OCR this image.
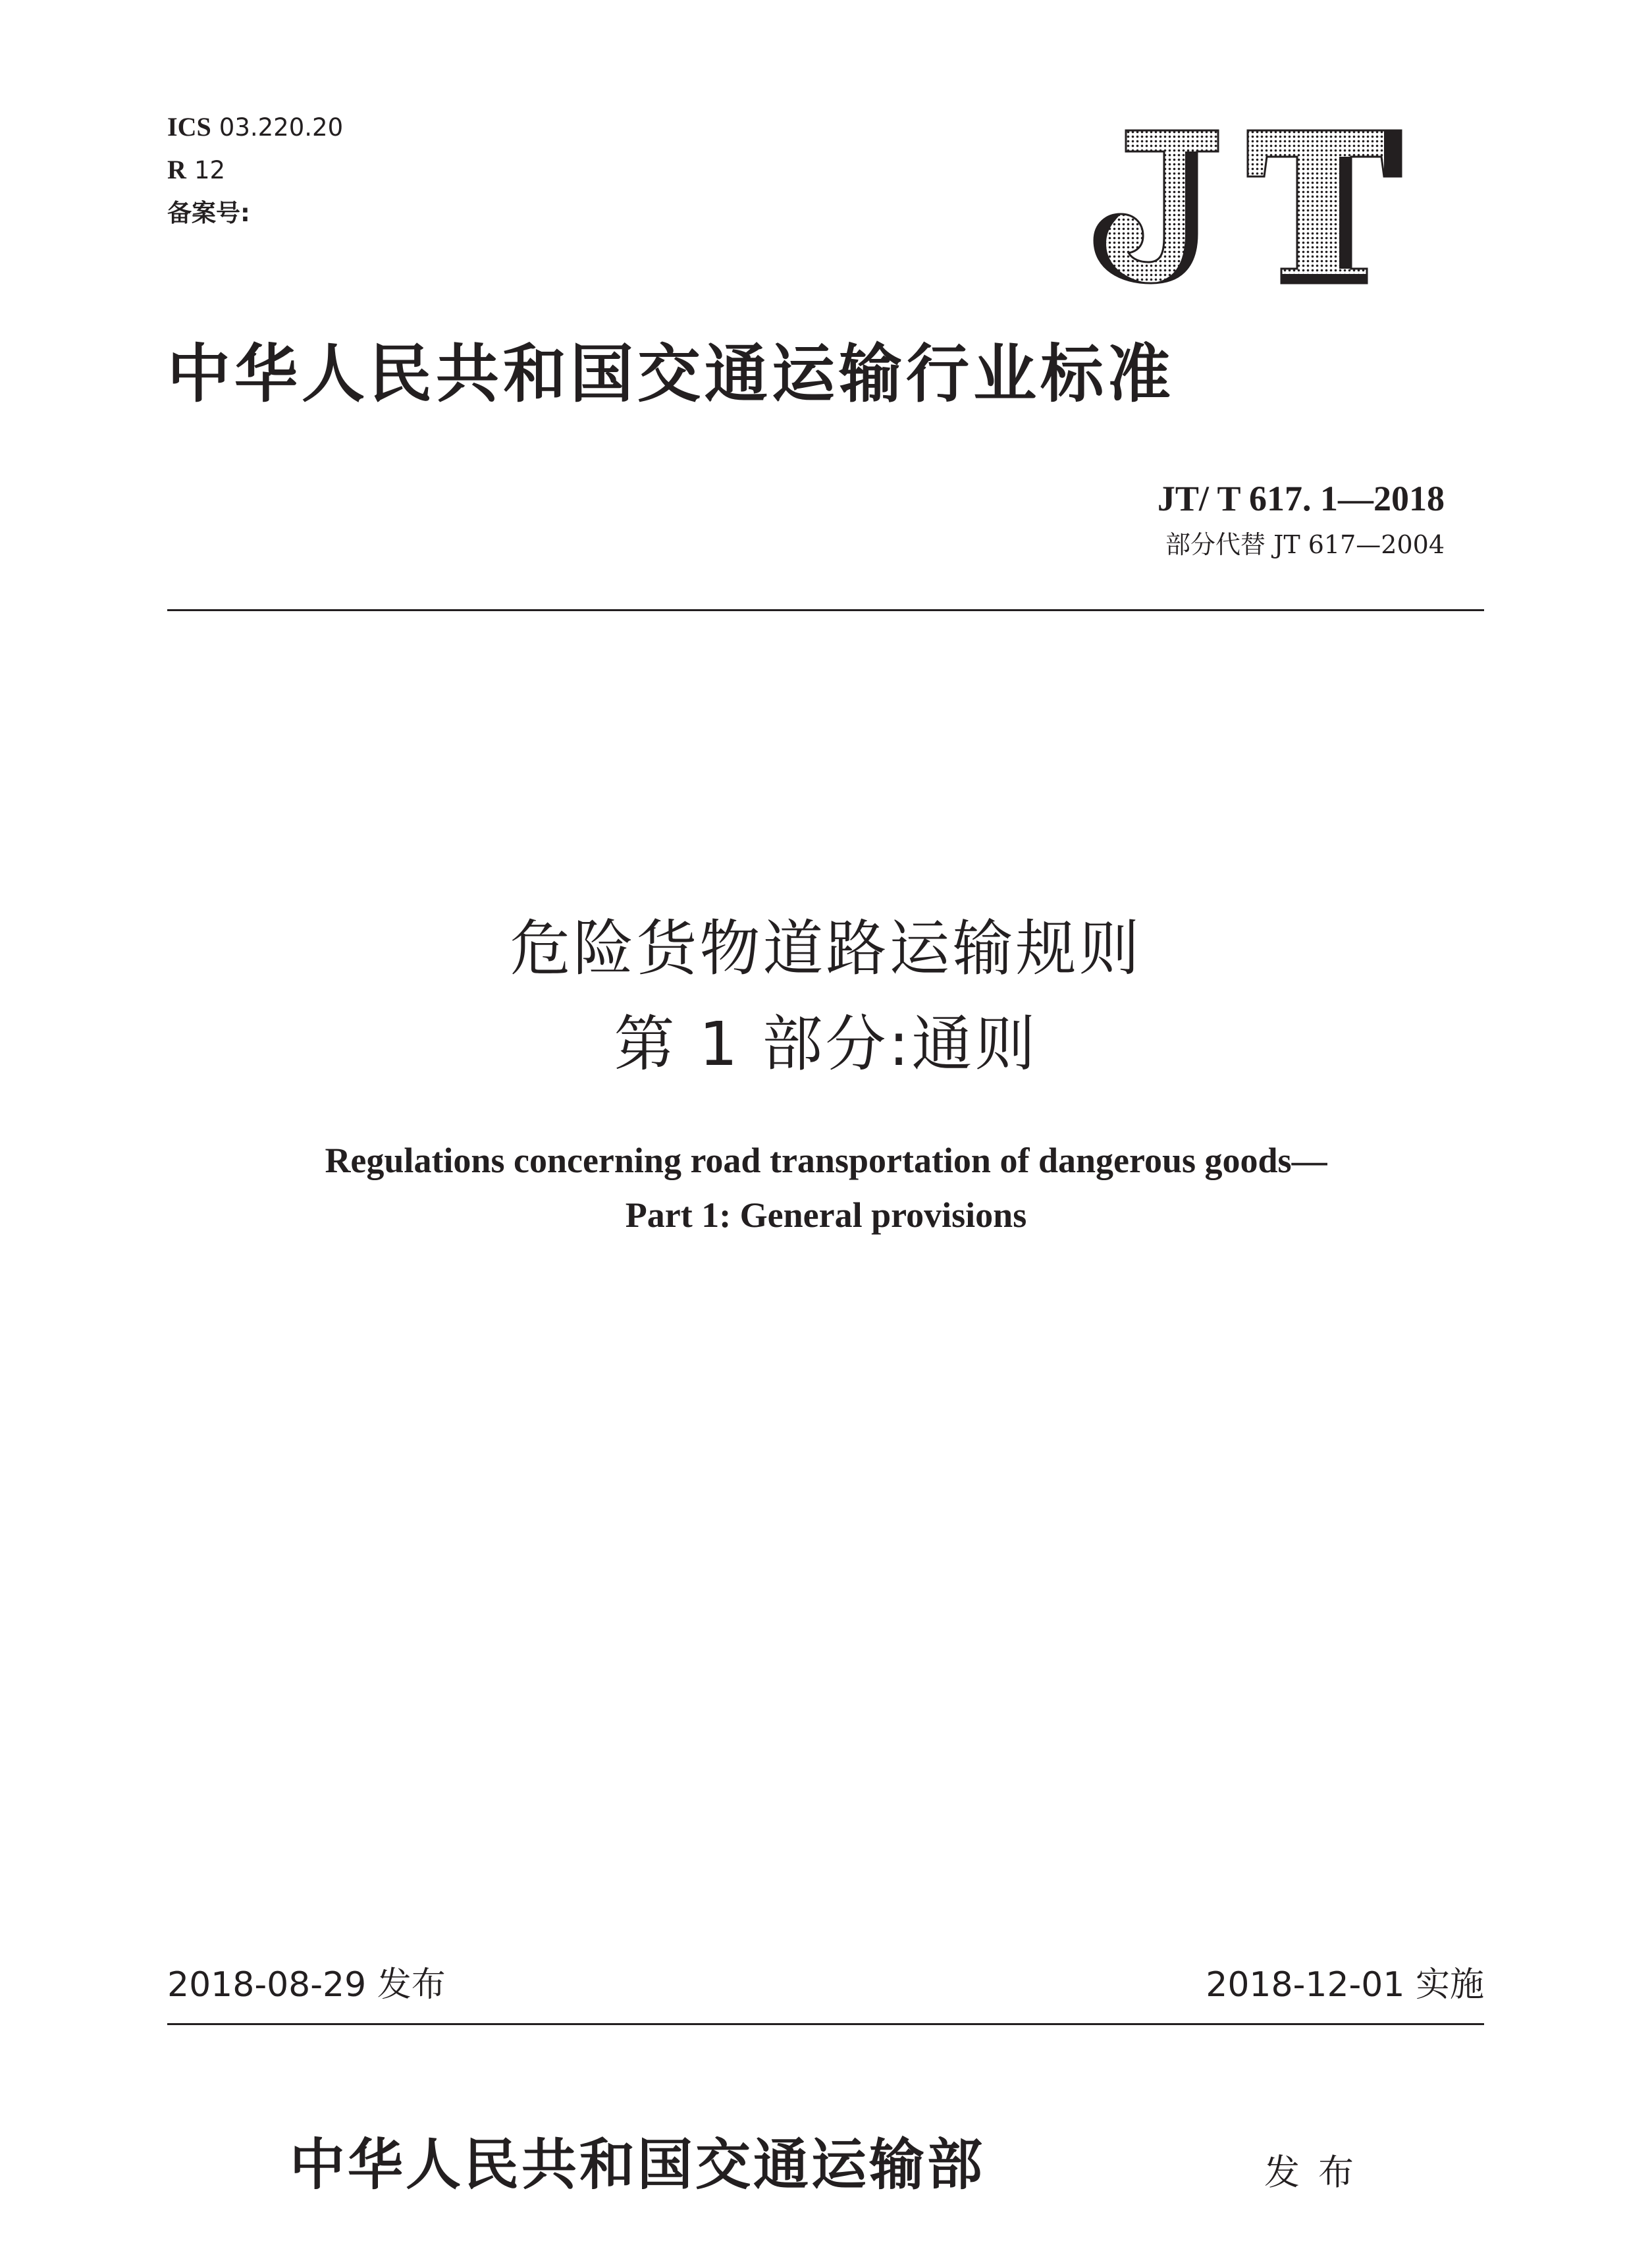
ICS 03.220.20
R 12
备案号:
中华人民共和国交通运输行业标准
JT/ T 617. 1—2018
部分代替 JT 617—2004
危险货物道路运输规则
第 1 部分:通则
Regulations concerning road transportation of dangerous goods—
Part 1: General provisions
2018-08-29 发布	2018-12-01 实施
中华人民共和国交通运输部	发布
